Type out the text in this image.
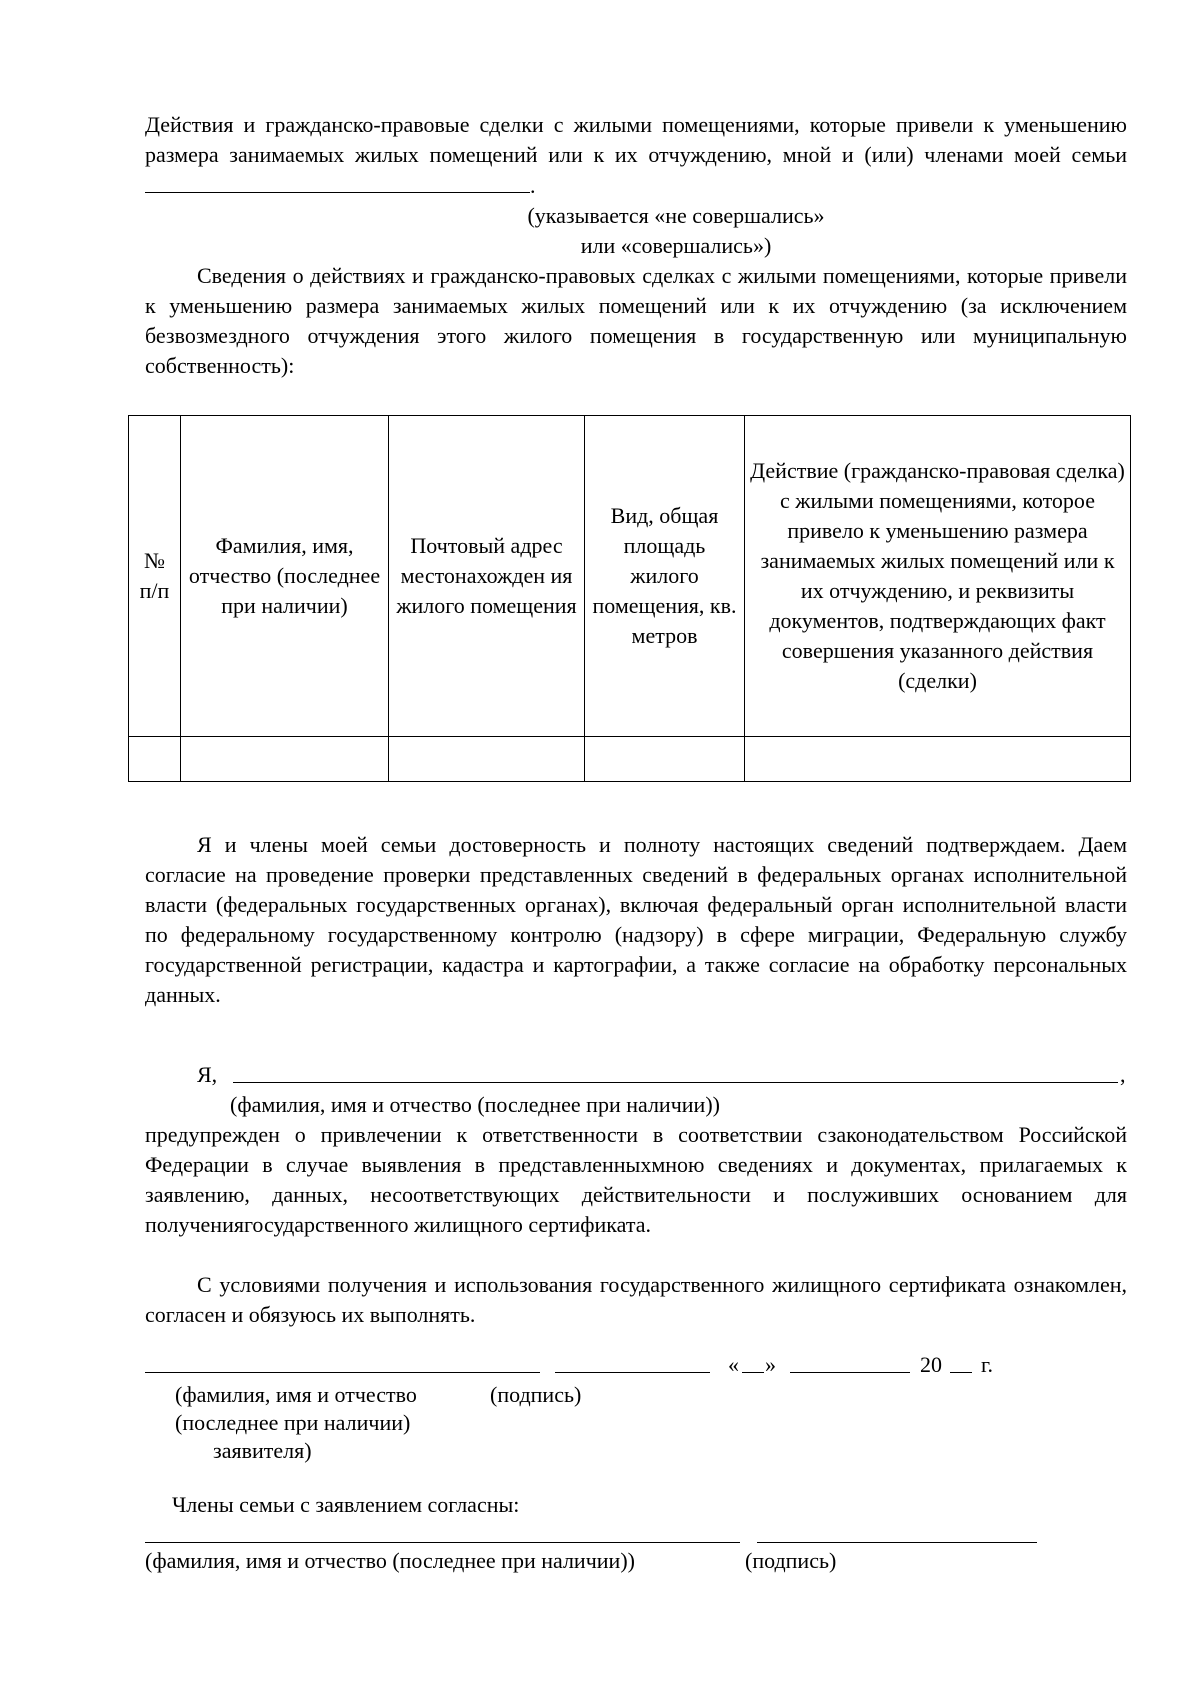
Действия и гражданско-правовые сделки с жилыми помещениями, которые привели к уменьшению размера занимаемых жилых помещений или к их отчуждению, мной и (или) членами моей семьи .

(указывается «не совершались»

или «совершались»)

Сведения о действиях и гражданско-правовых сделках с жилыми помещениями, которые привели к уменьшению размера занимаемых жилых помещений или к их отчуждению (за исключением безвозмездного отчуждения этого жилого помещения в государственную или муниципальную собственность):

№ п/п	Фамилия, имя, отчество (последнее при наличии)	Почтовый адрес местонахожден ия жилого помещения	Вид, общая площадь жилого помещения, кв. метров	Действие (гражданско-правовая сделка) с жилыми помещениями, которое привело к уменьшению размера занимаемых жилых помещений или к их отчуждению, и реквизиты документов, подтверждающих факт совершения указанного действия (сделки)

Я и члены моей семьи достоверность и полноту настоящих сведений подтверждаем. Даем согласие на проведение проверки представленных сведений в федеральных органах исполнительной власти (федеральных государственных органах), включая федеральный орган исполнительной власти по федеральному государственному контролю (надзору) в сфере миграции, Федеральную службу государственной регистрации, кадастра и картографии, а также согласие на обработку персональных данных.

Я,	,
(фамилия, имя и отчество (последнее при наличии))

предупрежден о привлечении к ответственности в соответствии сзаконодательством Российской Федерации в случае выявления в представленныхмною сведениях и документах, прилагаемых к заявлению, данных, несоответствующих действительности и послуживших основанием для получениягосударственного жилищного сертификата.

С условиями получения и использования государственного жилищного сертификата ознакомлен, согласен и обязуюсь их выполнять.

« »	20 г.
(фамилия, имя и отчество	(подпись)
(последнее при наличии)
заявителя)
Члены семьи с заявлением согласны:
(фамилия, имя и отчество (последнее при наличии))	(подпись)
